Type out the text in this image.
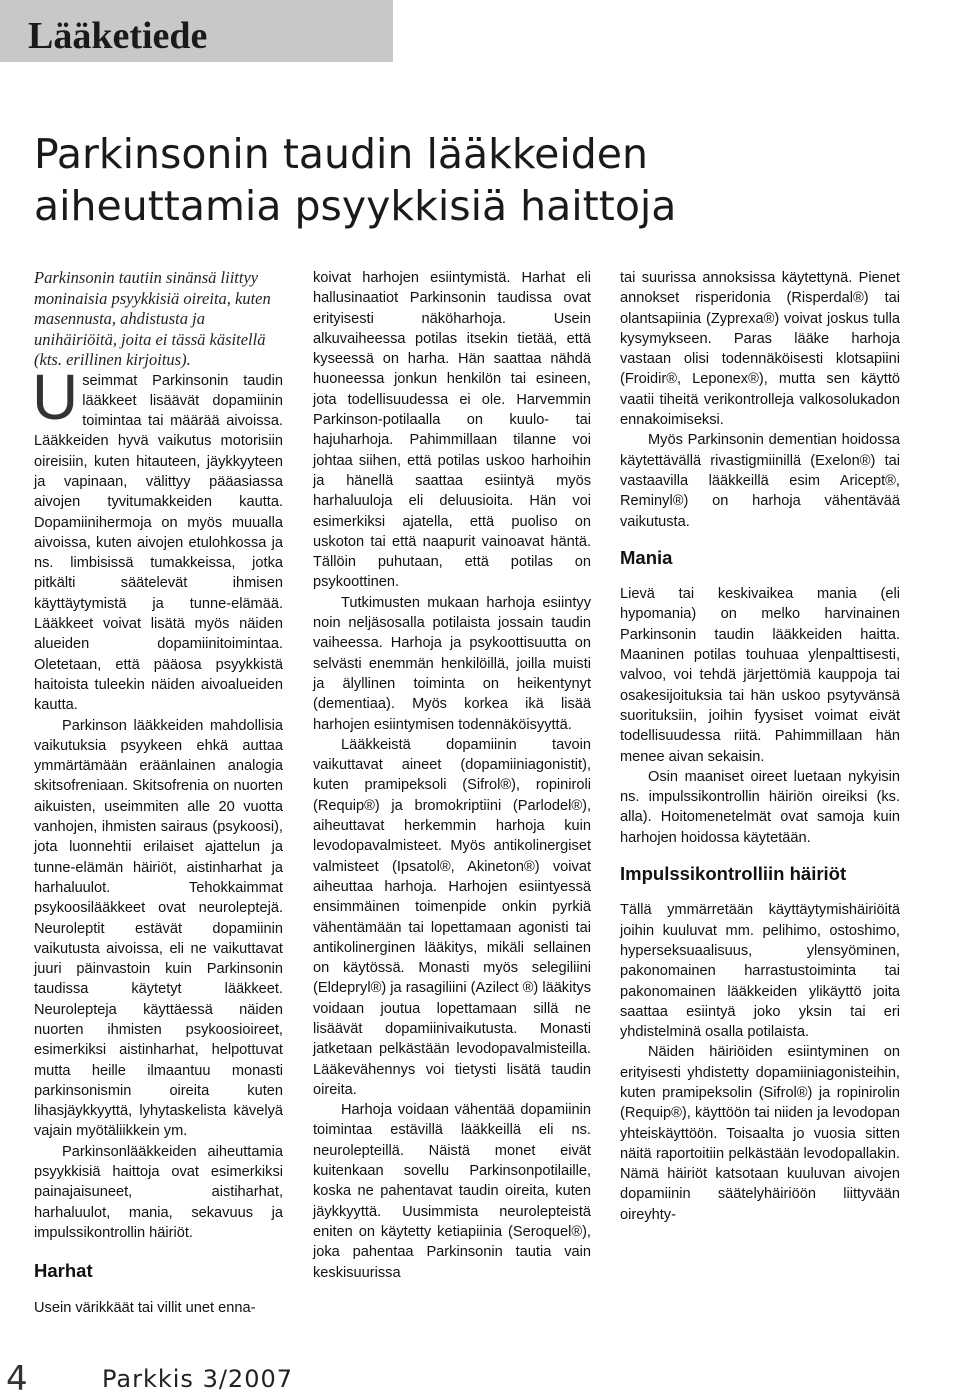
Lääketiede
Parkinsonin taudin lääkkeiden
aiheuttamia psyykkisiä haittoja

Parkinsonin tautiin sinänsä liittyy moninaisia psyykkisiä oireita, kuten masennusta, ahdistusta ja unihäiriöitä, joita ei tässä käsitellä (kts. erillinen kirjoitus).

Useimmat Parkinsonin taudin lääkkeet lisäävät dopamiinin toimintaa tai määrää aivoissa. Lääkkeiden hyvä vaikutus motorisiin oireisiin, kuten hitauteen, jäykkyyteen ja vapinaan, välittyy pääasiassa aivojen tyvitumakkeiden kautta. Dopamiinihermoja on myös muualla aivoissa, kuten aivojen etulohkossa ja ns. limbisissä tumakkeissa, jotka pitkälti säätelevät ihmisen käyttäytymistä ja tunne-elämää. Lääkkeet voivat lisätä myös näiden alueiden dopamiinitoimintaa. Oletetaan, että pääosa psyykkistä haitoista tuleekin näiden aivoalueiden kautta.

Parkinson lääkkeiden mahdollisia vaikutuksia psyykeen ehkä auttaa ymmärtämään eräänlainen analogia skitsofreniaan. Skitsofrenia on nuorten aikuisten, useimmiten alle 20 vuotta vanhojen, ihmisten sairaus (psykoosi), jota luonnehtii erilaiset ajattelun ja tunne-elämän häiriöt, aistinharhat ja harhaluulot. Tehokkaimmat psykoosilääkkeet ovat neuroleptejä. Neuroleptit estävät dopamiinin vaikutusta aivoissa, eli ne vaikuttavat juuri päinvastoin kuin Parkinsonin taudissa käytetyt lääkkeet. Neurolepteja käyttäessä näiden nuorten ihmisten psykoosioireet, esimerkiksi aistinharhat, helpottuvat mutta heille ilmaantuu monasti parkinsonismin oireita kuten lihasjäykkyyttä, lyhytaskelista kävelyä vajain myötäliikkein ym.

Parkinsonlääkkeiden aiheuttamia psyykkisiä haittoja ovat esimerkiksi painajaisuneet, aistiharhat, harhaluulot, mania, sekavuus ja impulssikontrollin häiriöt.

Harhat

Usein värikkäät tai villit unet enna-

koivat harhojen esiintymistä. Harhat eli hallusinaatiot Parkinsonin taudissa ovat erityisesti näköharhoja. Usein alkuvaiheessa potilas itsekin tietää, että kyseessä on harha. Hän saattaa nähdä huoneessa jonkun henkilön tai esineen, jota todellisuudessa ei ole. Harvemmin Parkinson-potilaalla on kuulo- tai hajuharhoja. Pahimmillaan tilanne voi johtaa siihen, että potilas uskoo harhoihin ja hänellä saattaa esiintyä myös harhaluuloja eli deluusioita. Hän voi esimerkiksi ajatella, että puoliso on uskoton tai että naapurit vainoavat häntä. Tällöin puhutaan, että potilas on psykoottinen.

Tutkimusten mukaan harhoja esiintyy noin neljäsosalla potilaista jossain taudin vaiheessa. Harhoja ja psykoottisuutta on selvästi enemmän henkilöillä, joilla muisti ja älyllinen toiminta on heikentynyt (dementiaa). Myös korkea ikä lisää harhojen esiintymisen todennäköisyyttä.

Lääkkeistä dopamiinin tavoin vaikuttavat aineet (dopamiiniagonistit), kuten pramipeksoli (Sifrol®), ropiniroli (Requip®) ja bromokriptiini (Parlodel®), aiheuttavat herkemmin harhoja kuin levodopavalmisteet. Myös antikolinergiset valmisteet (Ipsatol®, Akineton®) voivat aiheuttaa harhoja. Harhojen esiintyessä ensimmäinen toimenpide onkin pyrkiä vähentämään tai lopettamaan agonisti tai antikolinerginen lääkitys, mikäli sellainen on käytössä. Monasti myös selegiliini (Eldepryl®) ja rasagiliini (Azilect ®) lääkitys voidaan joutua lopettamaan sillä ne lisäävät dopamiinivaikutusta. Monasti jatketaan pelkästään levodopavalmisteilla. Lääkevähennys voi tietysti lisätä taudin oireita.

Harhoja voidaan vähentää dopamiinin toimintaa estävillä lääkkeillä eli ns. neurolepteillä. Näistä monet eivät kuitenkaan sovellu Parkinsonpotilaille, koska ne pahentavat taudin oireita, kuten jäykkyyttä. Uusimmista neurolepteistä eniten on käytetty ketiapiinia (Seroquel®), joka pahentaa Parkinsonin tautia vain keskisuurissa

tai suurissa annoksissa käytettynä. Pienet annokset risperidonia (Risperdal®) tai olantsapiinia (Zyprexa®) voivat joskus tulla kysymykseen. Paras lääke harhoja vastaan olisi todennäköisesti klotsapiini (Froidir®, Leponex®), mutta sen käyttö vaatii tiheitä verikontrolleja valkosolukadon ennakoimiseksi.

Myös Parkinsonin dementian hoidossa käytettävällä rivastigmiinillä (Exelon®) tai vastaavilla lääkkeillä esim Aricept®, Reminyl®) on harhoja vähentävää vaikutusta.

Mania

Lievä tai keskivaikea mania (eli hypomania) on melko harvinainen Parkinsonin taudin lääkkeiden haitta. Maaninen potilas touhuaa ylenpalttisesti, valvoo, voi tehdä järjettömiä kauppoja tai osakesijoituksia tai hän uskoo psytyvänsä suorituksiin, joihin fyysiset voimat eivät todellisuudessa riitä. Pahimmillaan hän menee aivan sekaisin.

Osin maaniset oireet luetaan nykyisin ns. impulssikontrollin häiriön oireiksi (ks. alla). Hoitomenetelmät ovat samoja kuin harhojen hoidossa käytetään.

Impulssikontrolliin häiriöt

Tällä ymmärretään käyttäytymishäiriöitä joihin kuuluvat mm. pelihimo, ostoshimo, hyperseksuaalisuus, ylensyöminen, pakonomainen harrastustoiminta tai pakonomainen lääkkeiden ylikäyttö joita saattaa esiintyä joko yksin tai eri yhdistelminä osalla potilaista.

Näiden häiriöiden esiintyminen on erityisesti yhdistetty dopamiiniagonisteihin, kuten pramipeksolin (Sifrol®) ja ropinirolin (Requip®), käyttöön tai niiden ja levodopan yhteiskäyttöön. Toisaalta jo vuosia sitten näitä raportoitiin pelkästään levodopallakin. Nämä häiriöt katsotaan kuuluvan aivojen dopamiinin säätelyhäiriöön liittyvään oireyhty-

4	Parkkis 3/2007
